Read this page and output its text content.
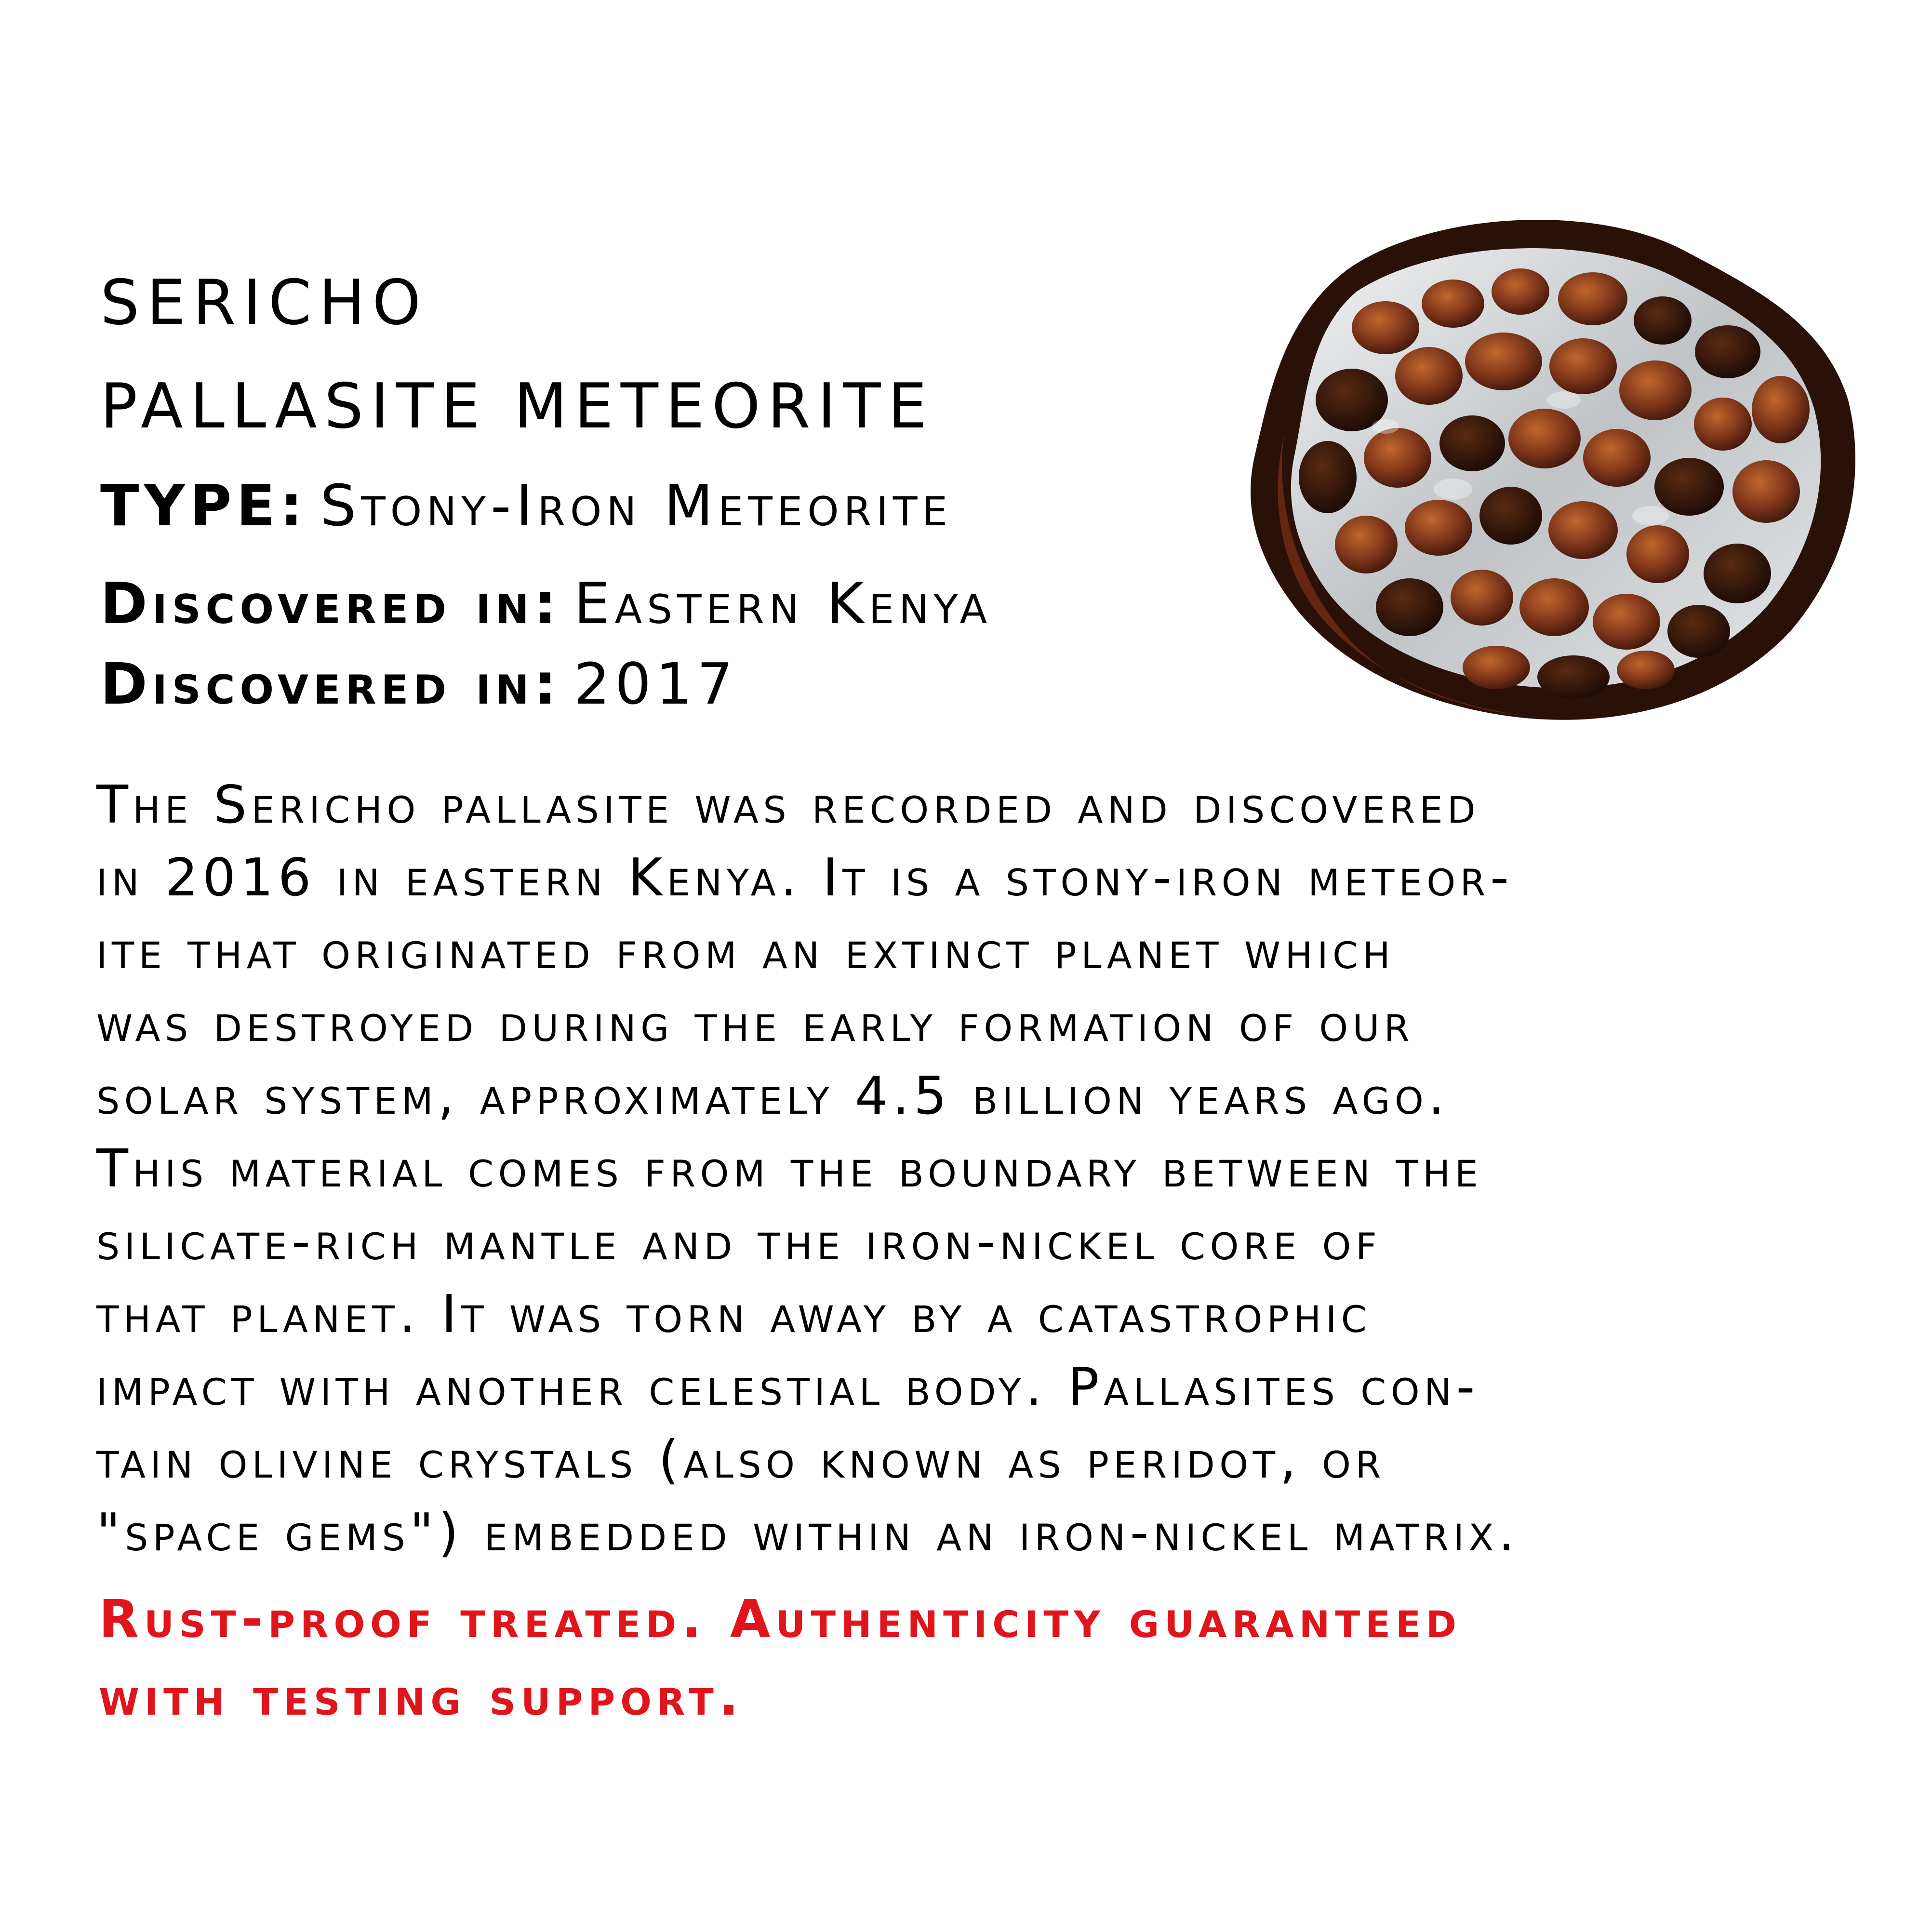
SERICHO
PALLASITE METEORITE
TYPE: Stony-Iron Meteorite
Discovered in: Eastern Kenya
Discovered in: 2017

The Sericho pallasite was recorded and discovered
in 2016 in eastern Kenya. It is a stony-iron meteor-
ite that originated from an extinct planet which
was destroyed during the early formation of our
solar system, approximately 4.5 billion years ago.
This material comes from the boundary between the
silicate-rich mantle and the iron-nickel core of
that planet. It was torn away by a catastrophic
impact with another celestial body. Pallasites con-
tain olivine crystals (also known as peridot, or
"space gems") embedded within an iron-nickel matrix.

Rust-proof treated. Authenticity guaranteed
with testing support.
